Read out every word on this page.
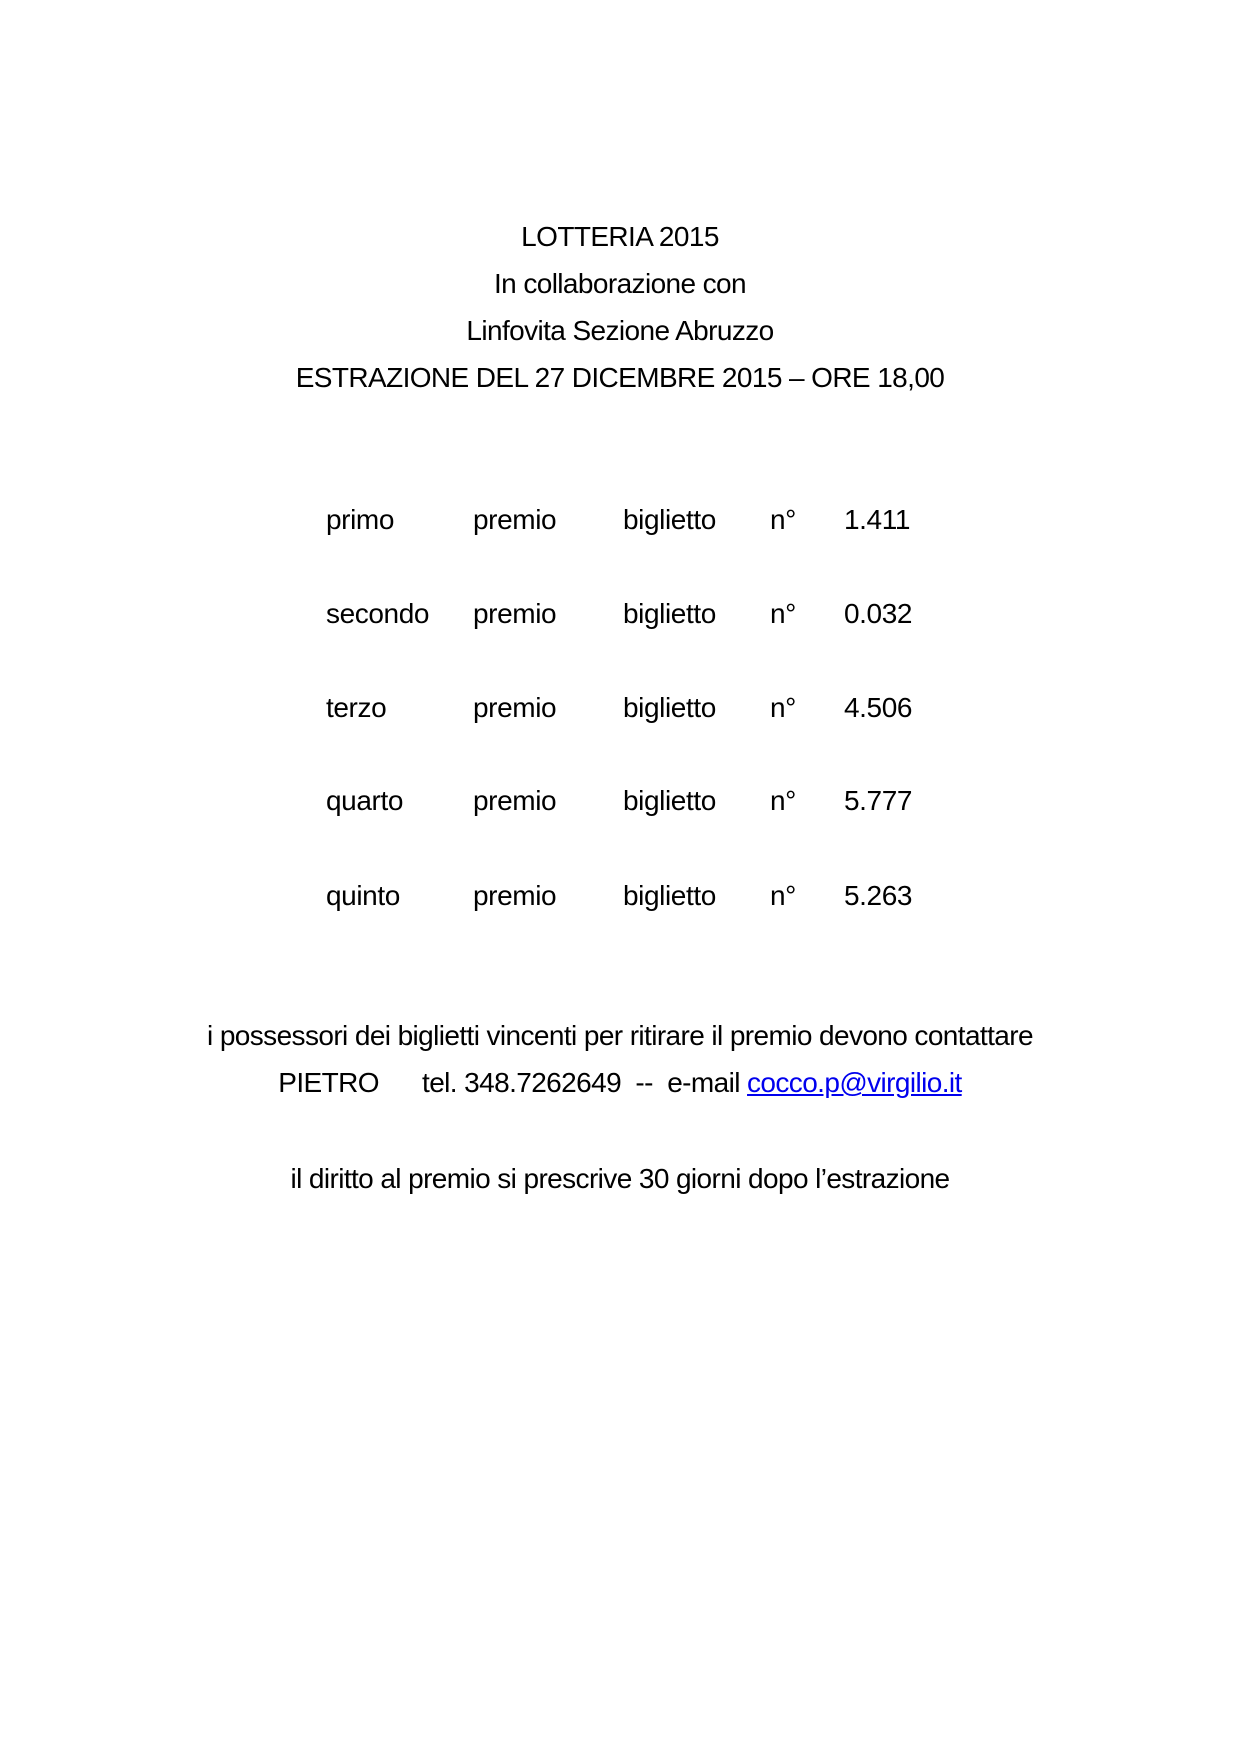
LOTTERIA 2015
In collaborazione con
Linfovita Sezione Abruzzo
ESTRAZIONE DEL 27 DICEMBRE 2015 – ORE 18,00
primo	premio biglietto n° 1.411
secondo premio biglietto n° 0.032
terzo	premio biglietto n° 4.506
quarto	premio biglietto n° 5.777
quinto	premio biglietto n° 5.263
i possessori dei biglietti vincenti per ritirare il premio devono contattare
PIETRO tel. 348.7262649  --  e-mail cocco.p@virgilio.it
il diritto al premio si prescrive 30 giorni dopo l’estrazione
